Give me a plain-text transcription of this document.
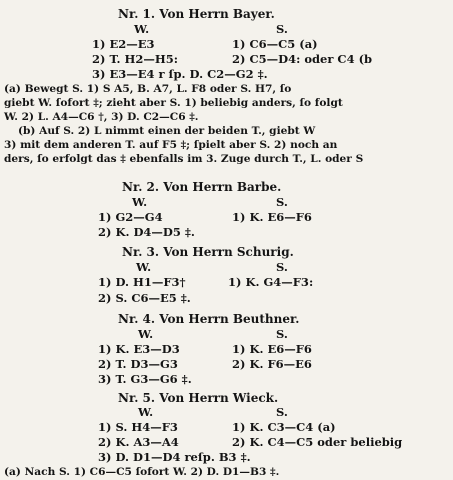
Nr. 1. Von Herrn Bayer.
W.	S.
1) E2—E3	1) C6—C5 (a)
2) T. H2—H5:	2) C5—D4: oder C4 (b
3) E3—E4 r ſp. D. C2—G2 ‡.
(a) Bewegt S. 1) S A5, B. A7, L. F8 oder S. H7, ſo
giebt W. ſofort ‡; zieht aber S. 1) beliebig anders, ſo folgt
W. 2) L. A4—C6 †, 3) D. C2—C6 ‡.
(b) Auf S. 2) L nimmt einen der beiden T., giebt W
3) mit dem anderen T. auf F5 ‡; ſpielt aber S. 2) noch an
ders, ſo erfolgt das ‡ ebenfalls im 3. Zuge durch T., L. oder S
Nr. 2. Von Herrn Barbe.
W.	S.
1) G2—G4	1) K. E6—F6
2) K. D4—D5 ‡.
Nr. 3. Von Herrn Schurig.
W.	S.
1) D. H1—F3†	1) K. G4—F3:
2) S. C6—E5 ‡.
Nr. 4. Von Herrn Beuthner.
W.	S.
1) K. E3—D3	1) K. E6—F6
2) T. D3—G3	2) K. F6—E6
3) T. G3—G6 ‡.
Nr. 5. Von Herrn Wieck.
W.	S.
1) S. H4—F3	1) K. C3—C4 (a)
2) K. A3—A4	2) K. C4—C5 oder beliebig
3) D. D1—D4 reſp. B3 ‡.
(a) Nach S. 1) C6—C5 ſofort W. 2) D. D1—B3 ‡.
